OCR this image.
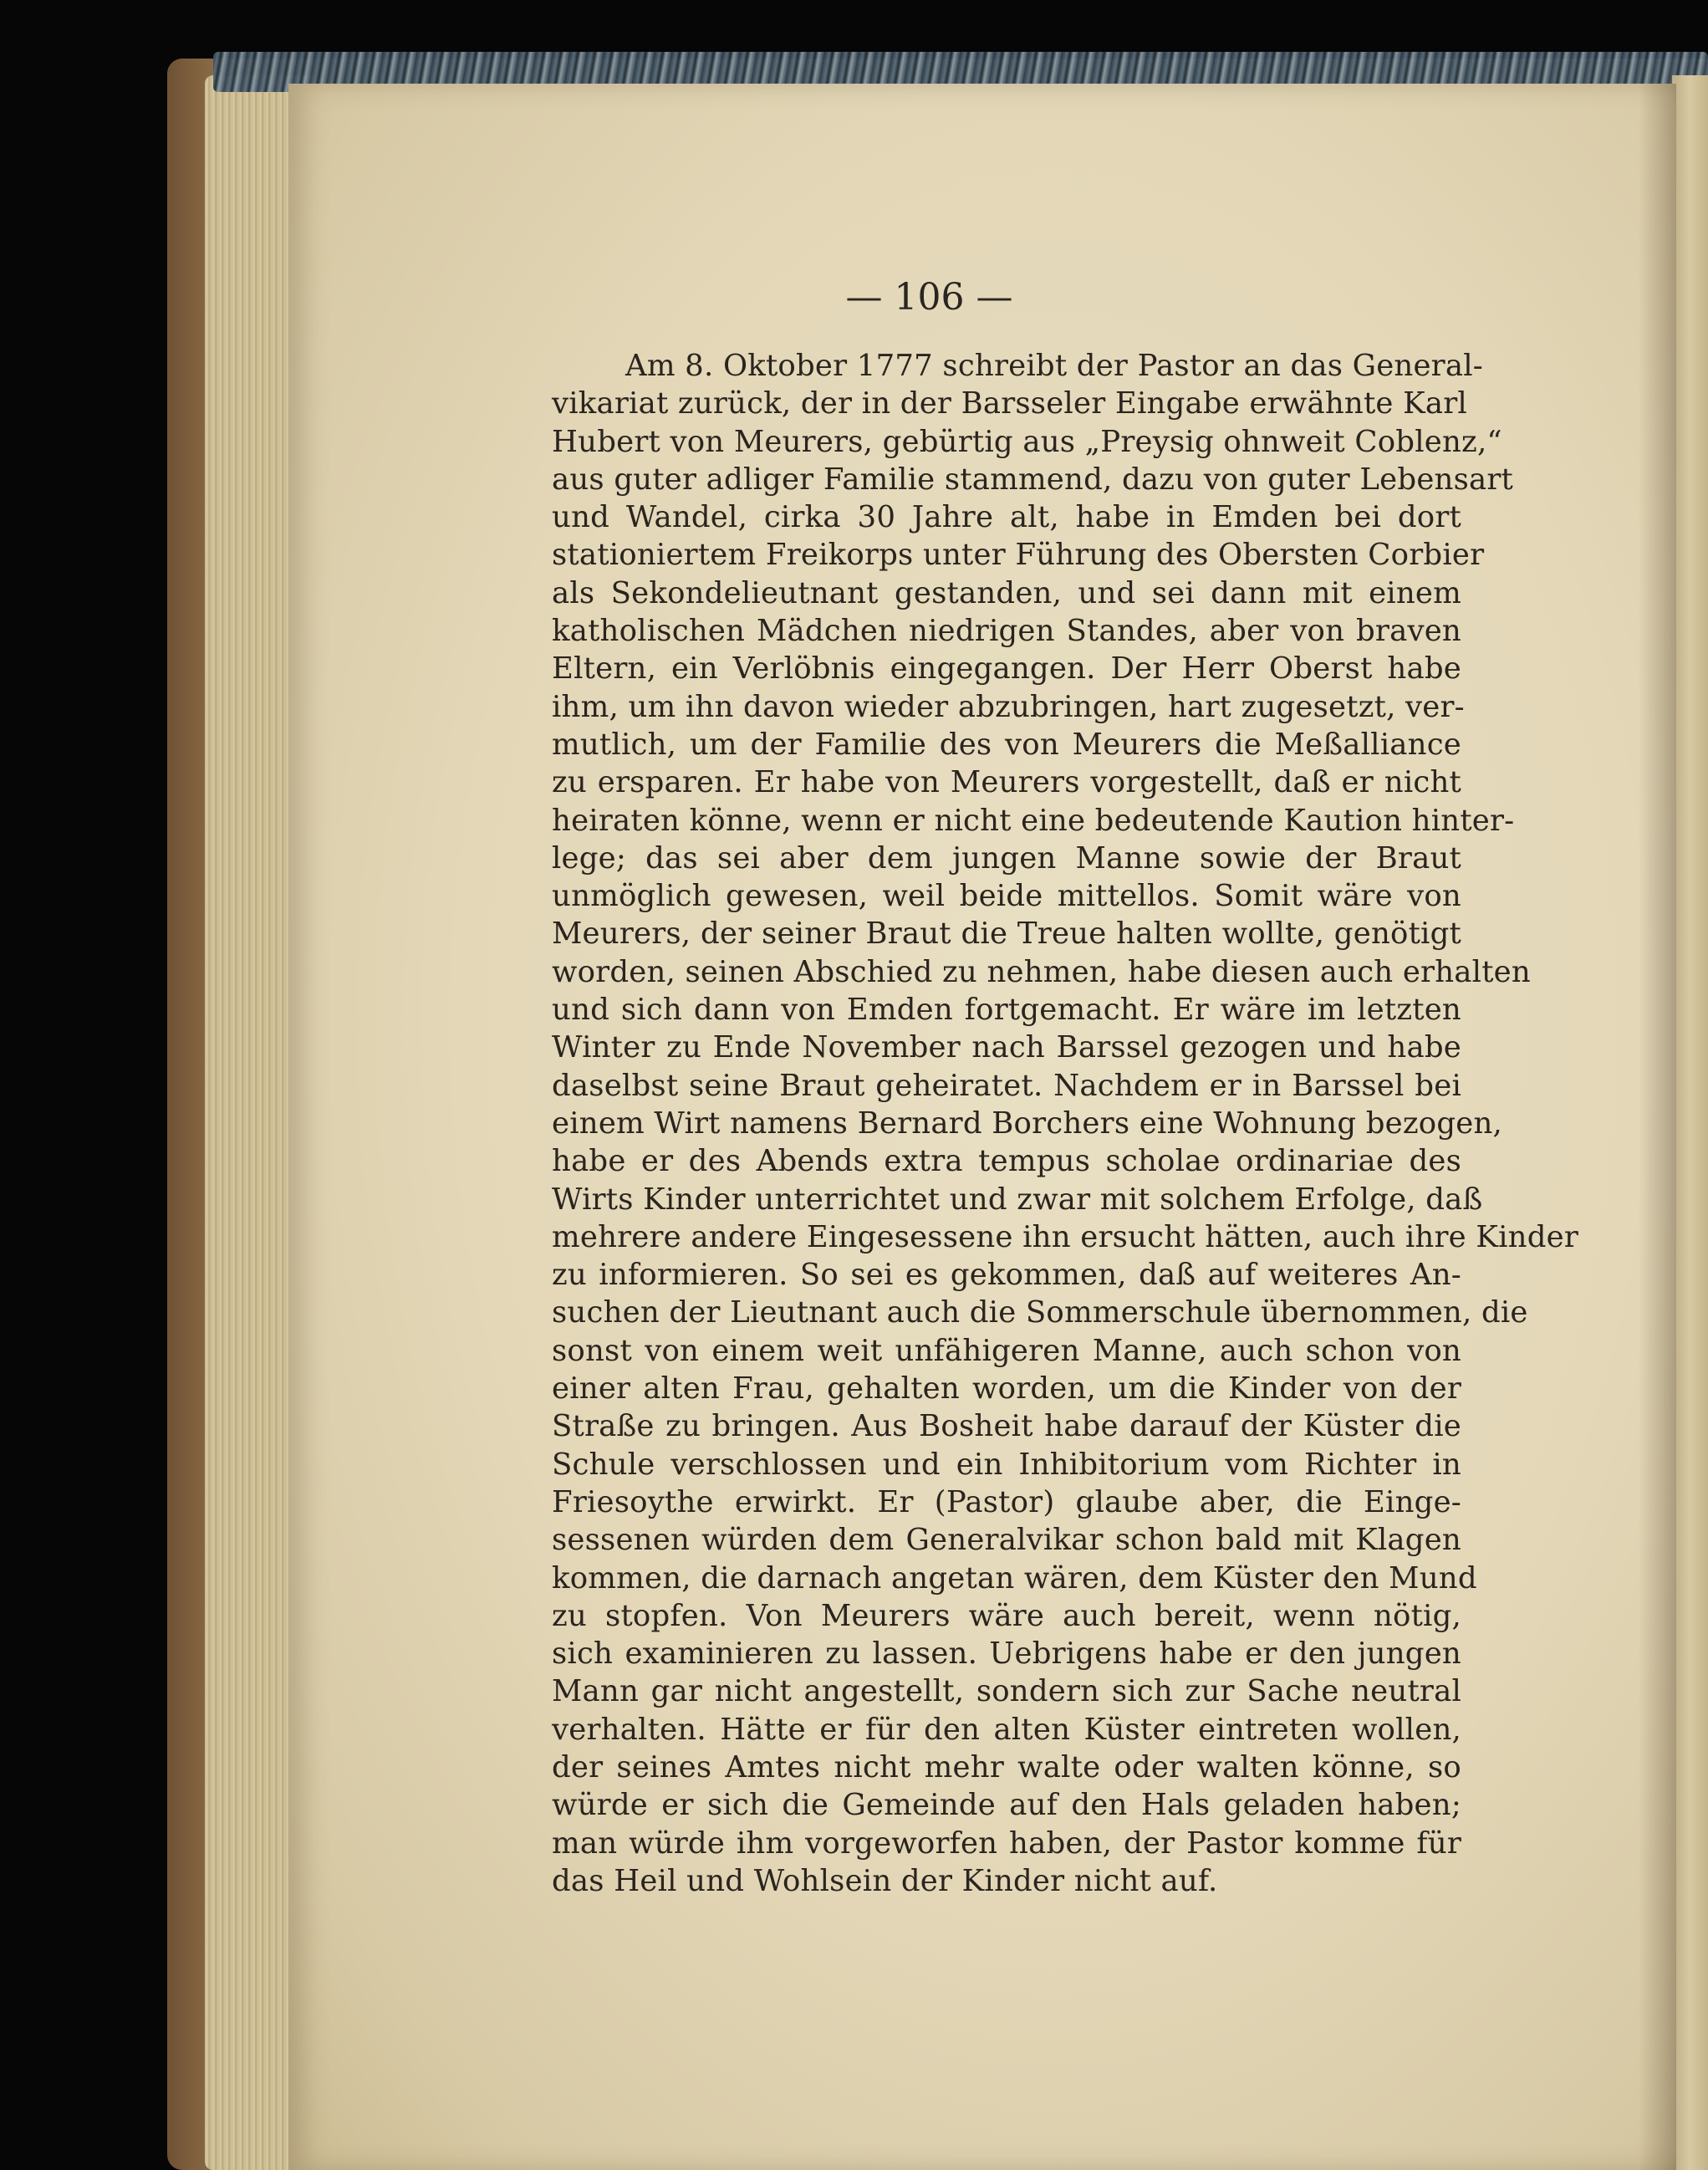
— 106 —
Am 8. Oktober 1777 schreibt der Pastor an das General-
vikariat zurück, der in der Barsseler Eingabe erwähnte Karl
Hubert von Meurers, gebürtig aus „Preysig ohnweit Coblenz,“
aus guter adliger Familie stammend, dazu von guter Lebensart
und Wandel, cirka 30 Jahre alt, habe in Emden bei dort
stationiertem Freikorps unter Führung des Obersten Corbier
als Sekondelieutnant gestanden, und sei dann mit einem
katholischen Mädchen niedrigen Standes, aber von braven
Eltern, ein Verlöbnis eingegangen. Der Herr Oberst habe
ihm, um ihn davon wieder abzubringen, hart zugesetzt, ver-
mutlich, um der Familie des von Meurers die Meßalliance
zu ersparen. Er habe von Meurers vorgestellt, daß er nicht
heiraten könne, wenn er nicht eine bedeutende Kaution hinter-
lege; das sei aber dem jungen Manne sowie der Braut
unmöglich gewesen, weil beide mittellos. Somit wäre von
Meurers, der seiner Braut die Treue halten wollte, genötigt
worden, seinen Abschied zu nehmen, habe diesen auch erhalten
und sich dann von Emden fortgemacht. Er wäre im letzten
Winter zu Ende November nach Barssel gezogen und habe
daselbst seine Braut geheiratet. Nachdem er in Barssel bei
einem Wirt namens Bernard Borchers eine Wohnung bezogen,
habe er des Abends extra tempus scholae ordinariae des
Wirts Kinder unterrichtet und zwar mit solchem Erfolge, daß
mehrere andere Eingesessene ihn ersucht hätten, auch ihre Kinder
zu informieren. So sei es gekommen, daß auf weiteres An-
suchen der Lieutnant auch die Sommerschule übernommen, die
sonst von einem weit unfähigeren Manne, auch schon von
einer alten Frau, gehalten worden, um die Kinder von der
Straße zu bringen. Aus Bosheit habe darauf der Küster die
Schule verschlossen und ein Inhibitorium vom Richter in
Friesoythe erwirkt. Er (Pastor) glaube aber, die Einge-
sessenen würden dem Generalvikar schon bald mit Klagen
kommen, die darnach angetan wären, dem Küster den Mund
zu stopfen. Von Meurers wäre auch bereit, wenn nötig,
sich examinieren zu lassen. Uebrigens habe er den jungen
Mann gar nicht angestellt, sondern sich zur Sache neutral
verhalten. Hätte er für den alten Küster eintreten wollen,
der seines Amtes nicht mehr walte oder walten könne, so
würde er sich die Gemeinde auf den Hals geladen haben;
man würde ihm vorgeworfen haben, der Pastor komme für
das Heil und Wohlsein der Kinder nicht auf.
